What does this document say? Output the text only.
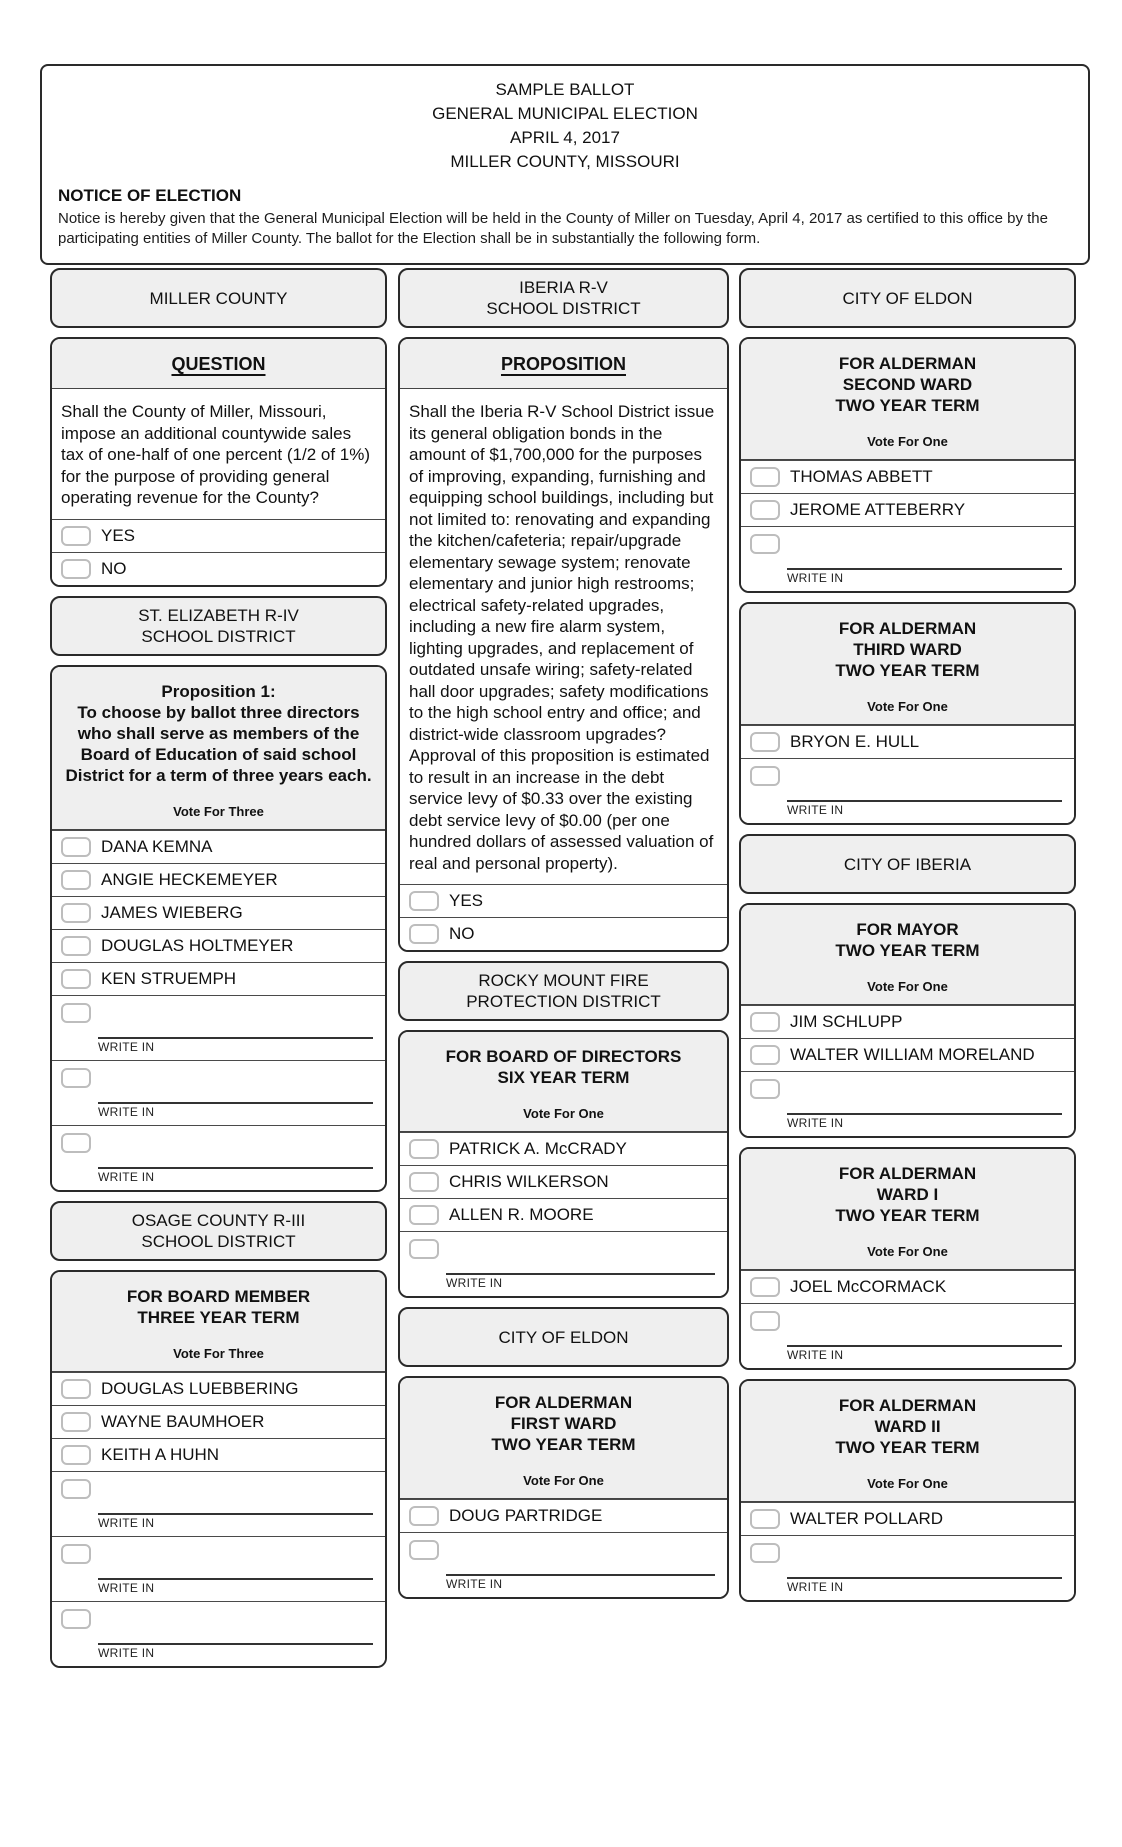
SAMPLE BALLOT
GENERAL MUNICIPAL ELECTION
APRIL 4, 2017
MILLER COUNTY, MISSOURI
NOTICE OF ELECTION
Notice is hereby given that the General Municipal Election will be held in the County of Miller on Tuesday, April 4, 2017 as certified to this office by the participating entities of Miller County. The ballot for the Election shall be in substantially the following form.
MILLER COUNTY
QUESTION
Shall the County of Miller, Missouri, impose an additional countywide sales tax of one-half of one percent (1/2 of 1%) for the purpose of providing general operating revenue for the County?
YES
NO
ST. ELIZABETH R-IV
SCHOOL DISTRICT

Proposition 1:

To choose by ballot three directors who shall serve as members of the Board of Education of said school District for a term of three years each.

Vote For Three
DANA KEMNA
ANGIE HECKEMEYER
JAMES WIEBERG
DOUGLAS HOLTMEYER
KEN STRUEMPH
WRITE IN
WRITE IN
WRITE IN
OSAGE COUNTY R-III
SCHOOL DISTRICT

FOR BOARD MEMBER

THREE YEAR TERM

Vote For Three
DOUGLAS LUEBBERING
WAYNE BAUMHOER
KEITH A HUHN
WRITE IN
WRITE IN
WRITE IN
IBERIA R-V
SCHOOL DISTRICT
PROPOSITION
Shall the Iberia R-V School District issue its general obligation bonds in the amount of $1,700,000 for the purposes of improving, expanding, furnishing and equipping school buildings, including but not limited to: renovating and expanding the kitchen/cafeteria; repair/upgrade elementary sewage system; renovate elementary and junior high restrooms; electrical safety-related upgrades, including a new fire alarm system, lighting upgrades, and replacement of outdated unsafe wiring; safety-related hall door upgrades; safety modifications to the high school entry and office; and district-wide classroom upgrades? Approval of this proposition is estimated to result in an increase in the debt service levy of $0.33 over the existing debt service levy of $0.00 (per one hundred dollars of assessed valuation of real and personal property).
YES
NO
ROCKY MOUNT FIRE
PROTECTION DISTRICT

FOR BOARD OF DIRECTORS

SIX YEAR TERM

Vote For One
PATRICK A. McCRADY
CHRIS WILKERSON
ALLEN R. MOORE
WRITE IN
CITY OF ELDON

FOR ALDERMAN

FIRST WARD

TWO YEAR TERM

Vote For One
DOUG PARTRIDGE
WRITE IN
CITY OF ELDON

FOR ALDERMAN

SECOND WARD

TWO YEAR TERM

Vote For One
THOMAS ABBETT
JEROME ATTEBERRY
WRITE IN

FOR ALDERMAN

THIRD WARD

TWO YEAR TERM

Vote For One
BRYON E. HULL
WRITE IN
CITY OF IBERIA

FOR MAYOR

TWO YEAR TERM

Vote For One
JIM SCHLUPP
WALTER WILLIAM MORELAND
WRITE IN

FOR ALDERMAN

WARD I

TWO YEAR TERM

Vote For One
JOEL McCORMACK
WRITE IN

FOR ALDERMAN

WARD II

TWO YEAR TERM

Vote For One
WALTER POLLARD
WRITE IN
